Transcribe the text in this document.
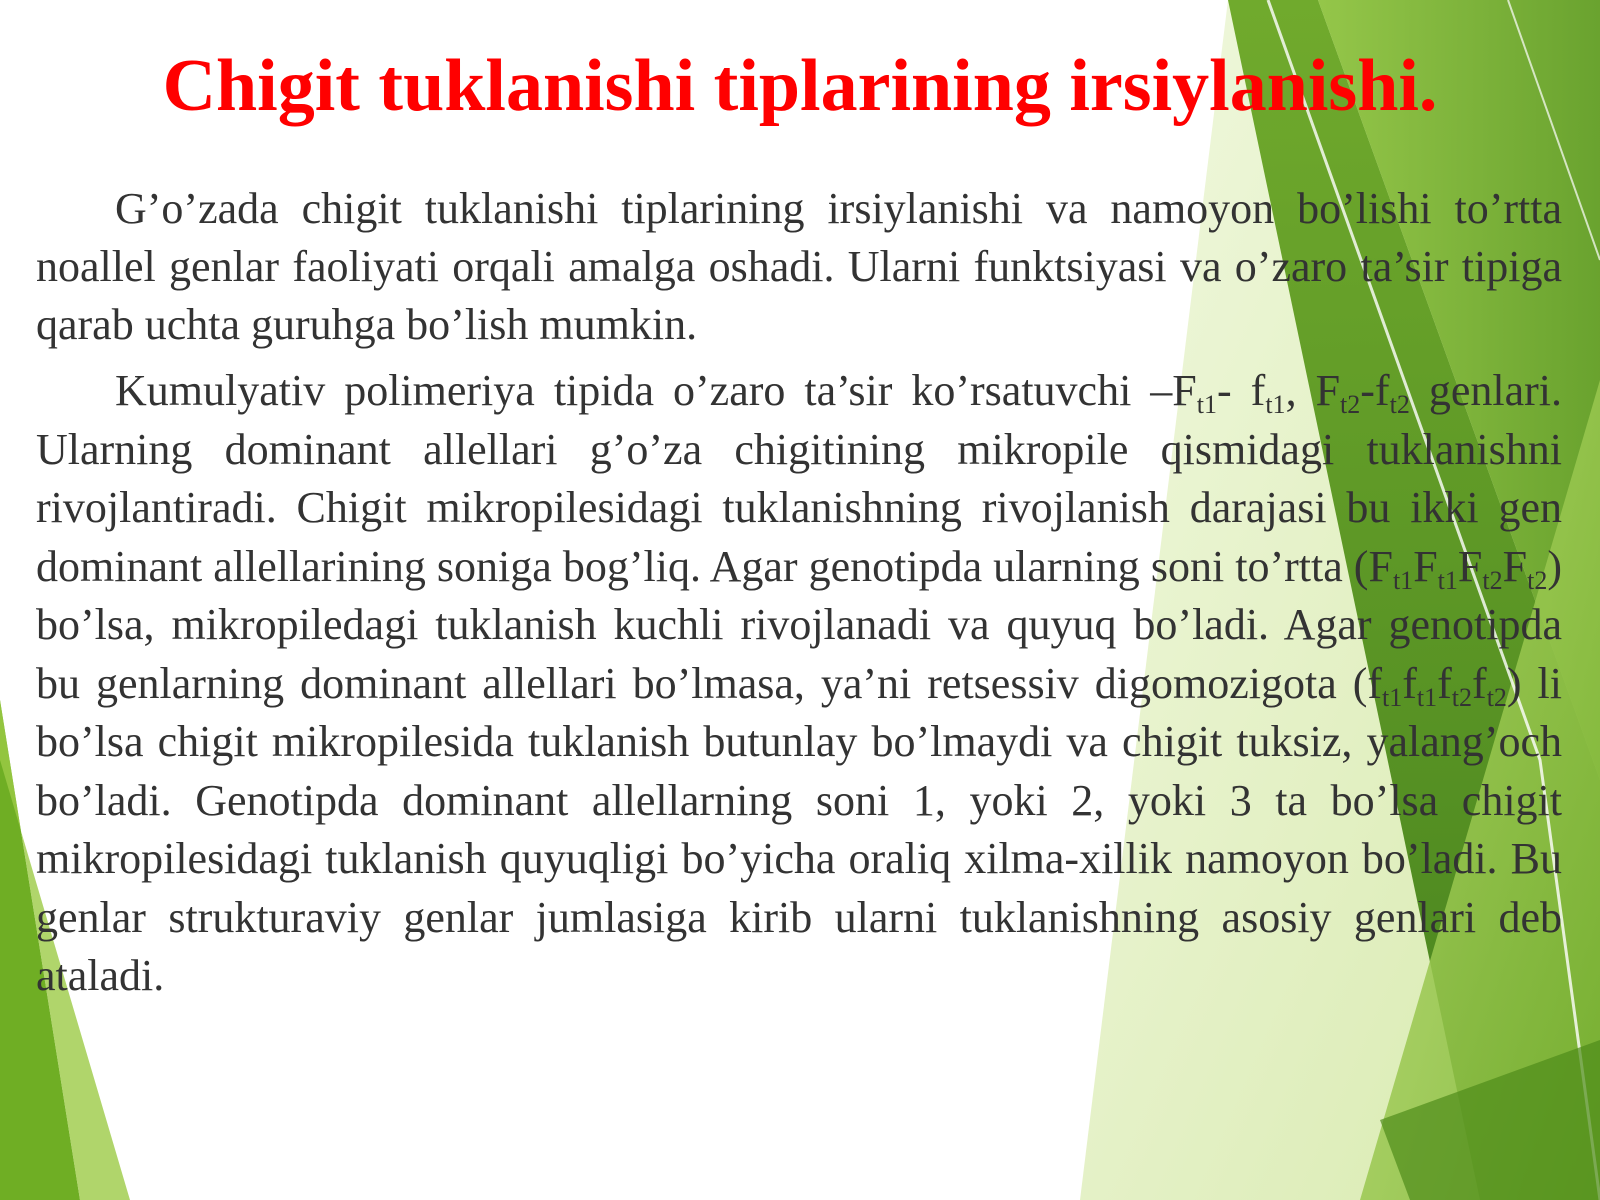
Chigit tuklanishi tiplarining irsiylanishi.

G’o’zada chigit tuklanishi tiplarining irsiylanishi va namoyon bo’lishi to’rtta noallel genlar faoliyati orqali amalga oshadi. Ularni funktsiyasi va o’zaro ta’sir tipiga qarab uchta guruhga bo’lish mumkin.

Kumulyativ polimeriya tipida o’zaro ta’sir ko’rsatuvchi $-F_{t1}-$ $f_{t1}$, $F_{t2}-f_{t2}$ genlari. Ularning dominant allellari g’o’za chigitining mikropile qismidagi tuklanishni rivojlantiradi. Chigit mikropilesidagi tuklanishning rivojlanish darajasi bu ikki gen dominant allellarining soniga bog’liq. Agar genotipda ularning soni to’rtta $(F_{t1}F_{t1}F_{t2}F_{t2})$ bo’lsa, mikropiledagi tuklanish kuchli rivojlanadi va quyuq bo’ladi. Agar genotipda bu genlarning dominant allellari bo’lmasa, ya’ni retsessiv digomozigota $(f_{t1}f_{t1}f_{t2}f_{t2})$ li bo’lsa chigit mikropilesida tuklanish butunlay bo’lmaydi va chigit tuksiz, yalang’och bo’ladi. Genotipda dominant allellarning soni 1, yoki 2, yoki 3 ta bo’lsa chigit mikropilesidagi tuklanish quyuqligi bo’yicha oraliq xilma-xillik namoyon bo’ladi. Bu genlar strukturaviy genlar jumlasiga kirib ularni tuklanishning asosiy genlari deb ataladi.
